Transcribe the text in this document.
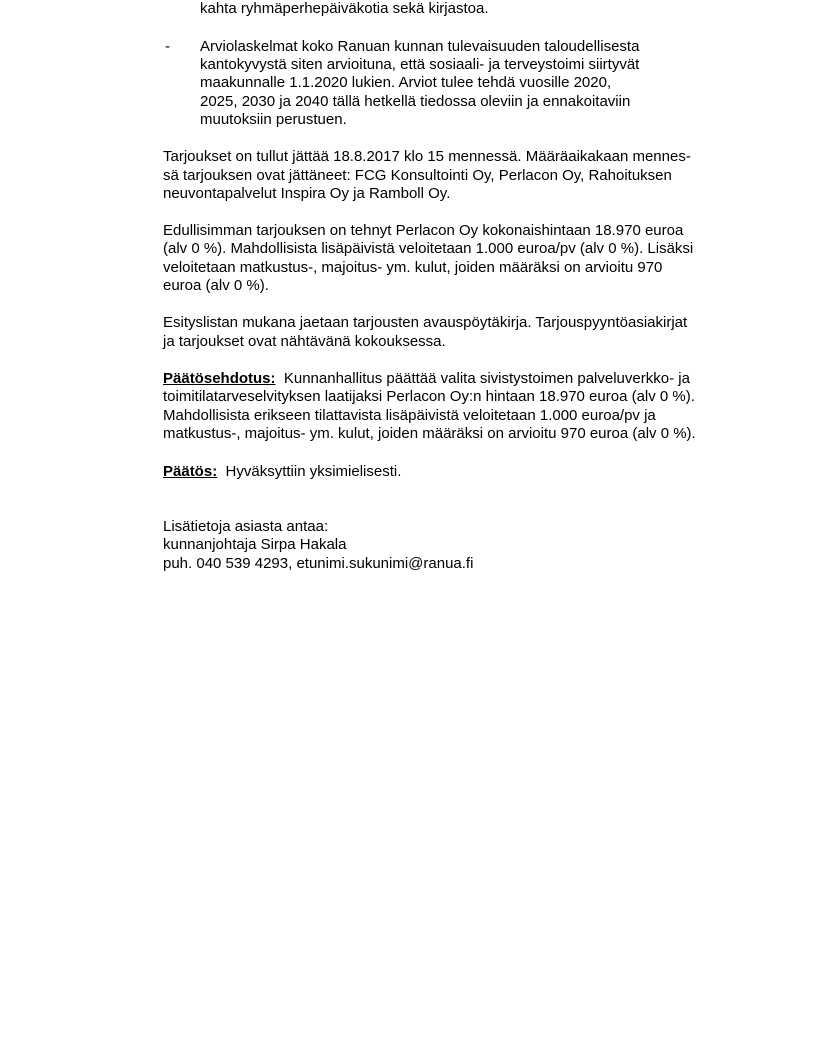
kahta ryhmäperhepäiväkotia sekä kirjastoa.
- Arviolaskelmat koko Ranuan kunnan tulevaisuuden taloudellisesta
kantokyvystä siten arvioituna, että sosiaali- ja terveystoimi siirtyvät
maakunnalle 1.1.2020 lukien. Arviot tulee tehdä vuosille 2020,
2025, 2030 ja 2040 tällä hetkellä tiedossa oleviin ja ennakoitaviin
muutoksiin perustuen.
Tarjoukset on tullut jättää 18.8.2017 klo 15 mennessä. Määräaikakaan mennes-
sä tarjouksen ovat jättäneet: FCG Konsultointi Oy, Perlacon Oy, Rahoituksen
neuvontapalvelut Inspira Oy ja Ramboll Oy.
Edullisimman tarjouksen on tehnyt Perlacon Oy kokonaishintaan 18.970 euroa
(alv 0 %). Mahdollisista lisäpäivistä veloitetaan 1.000 euroa/pv (alv 0 %). Lisäksi
veloitetaan matkustus-, majoitus- ym. kulut, joiden määräksi on arvioitu 970
euroa (alv 0 %).
Esityslistan mukana jaetaan tarjousten avauspöytäkirja. Tarjouspyyntöasiakirjat
ja tarjoukset ovat nähtävänä kokouksessa.
Päätösehdotus: Kunnanhallitus päättää valita sivistystoimen palveluverkko- ja
toimitilatarveselvityksen laatijaksi Perlacon Oy:n hintaan 18.970 euroa (alv 0 %).
Mahdollisista erikseen tilattavista lisäpäivistä veloitetaan 1.000 euroa/pv ja
matkustus-, majoitus- ym. kulut, joiden määräksi on arvioitu 970 euroa (alv 0 %).
Päätös: Hyväksyttiin yksimielisesti.
Lisätietoja asiasta antaa:
kunnanjohtaja Sirpa Hakala
puh. 040 539 4293, etunimi.sukunimi@ranua.fi
